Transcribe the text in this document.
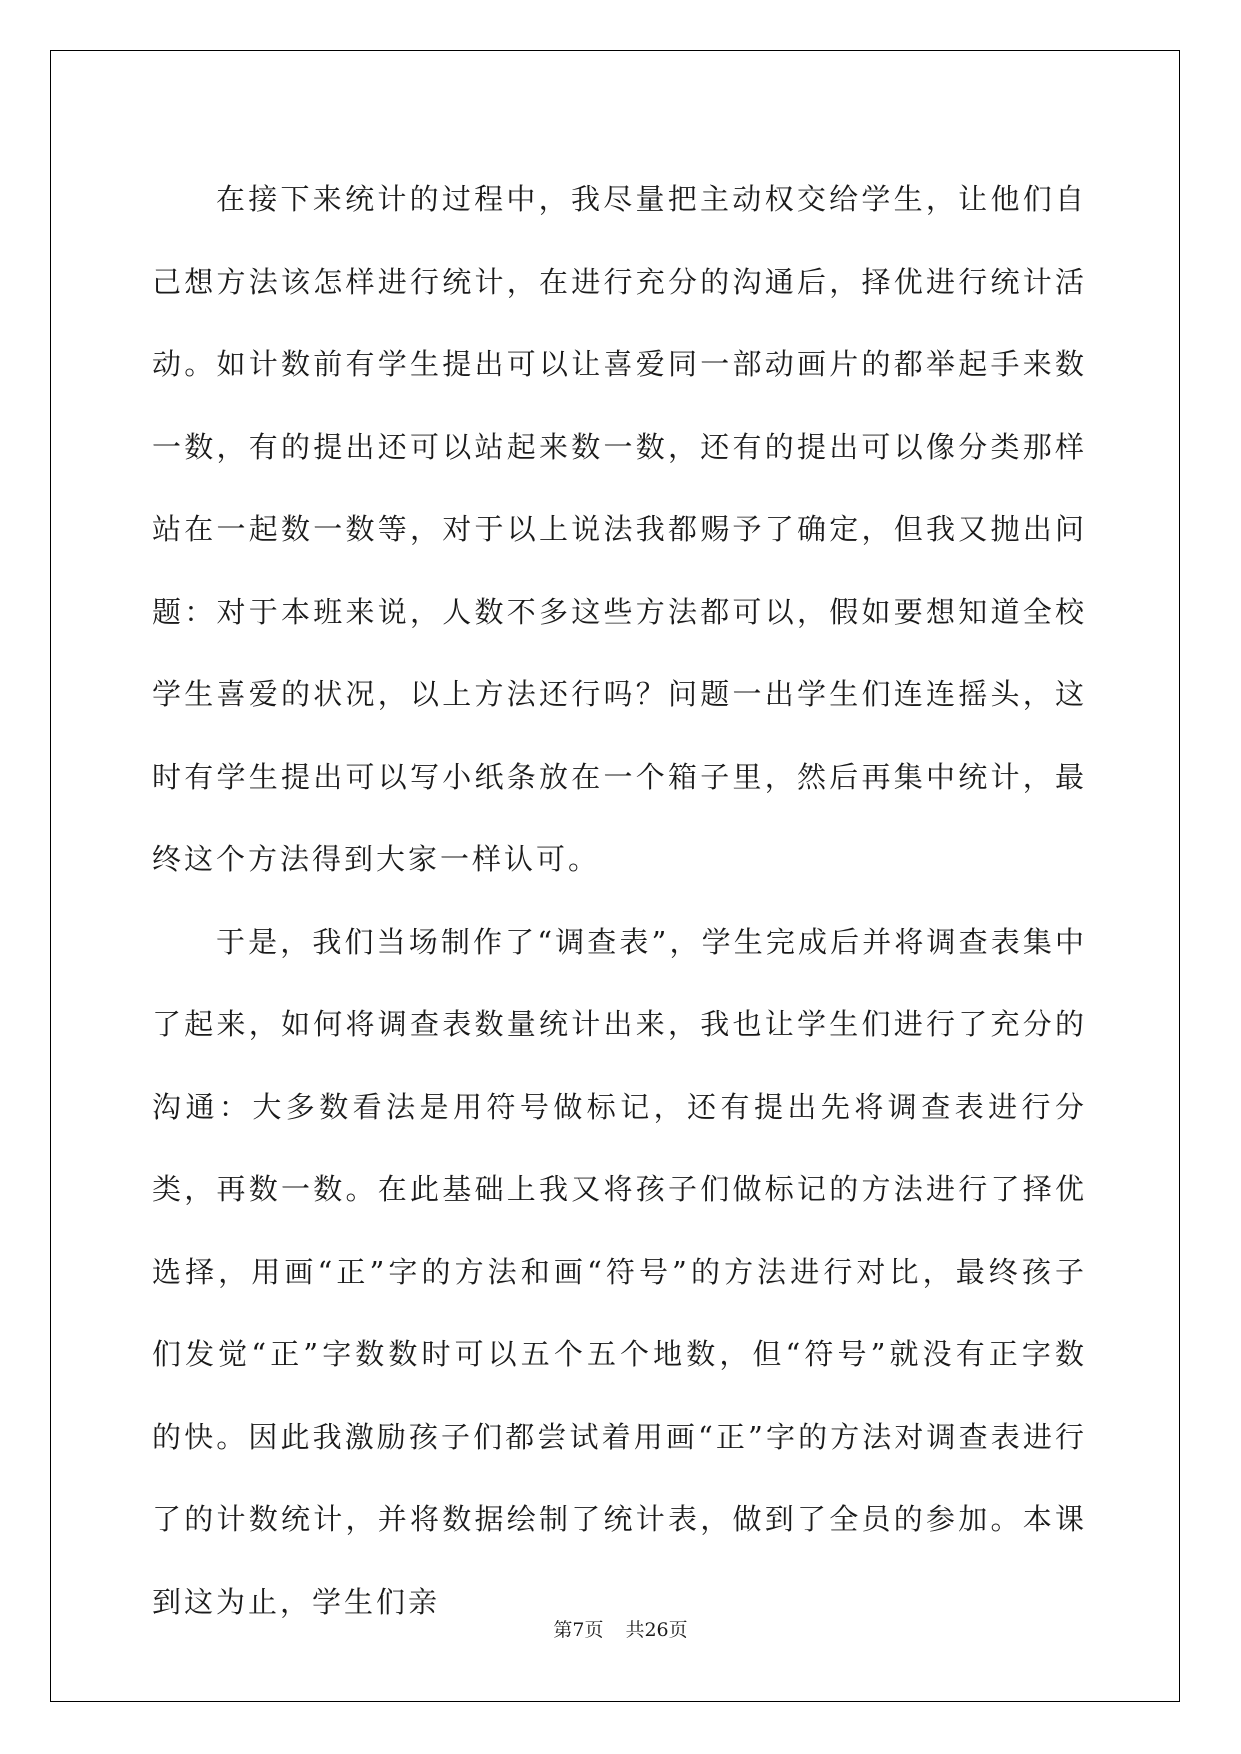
在接下来统计的过程中，我尽量把主动权交给学生，让他们自己想方法该怎样进行统计，在进行充分的沟通后，择优进行统计活动。如计数前有学生提出可以让喜爱同一部动画片的都举起手来数一数，有的提出还可以站起来数一数，还有的提出可以像分类那样站在一起数一数等，对于以上说法我都赐予了确定，但我又抛出问题：对于本班来说，人数不多这些方法都可以，假如要想知道全校学生喜爱的状况，以上方法还行吗？问题一出学生们连连摇头，这时有学生提出可以写小纸条放在一个箱子里，然后再集中统计，最终这个方法得到大家一样认可。

于是，我们当场制作了“调查表”，学生完成后并将调查表集中了起来，如何将调查表数量统计出来，我也让学生们进行了充分的沟通：大多数看法是用符号做标记，还有提出先将调查表进行分类，再数一数。在此基础上我又将孩子们做标记的方法进行了择优选择，用画“正”字的方法和画“符号”的方法进行对比，最终孩子们发觉“正”字数数时可以五个五个地数，但“符号”就没有正字数的快。因此我激励孩子们都尝试着用画“正”字的方法对调查表进行了的计数统计，并将数据绘制了统计表，做到了全员的参加。本课到这为止，学生们亲

第7页 共26页
